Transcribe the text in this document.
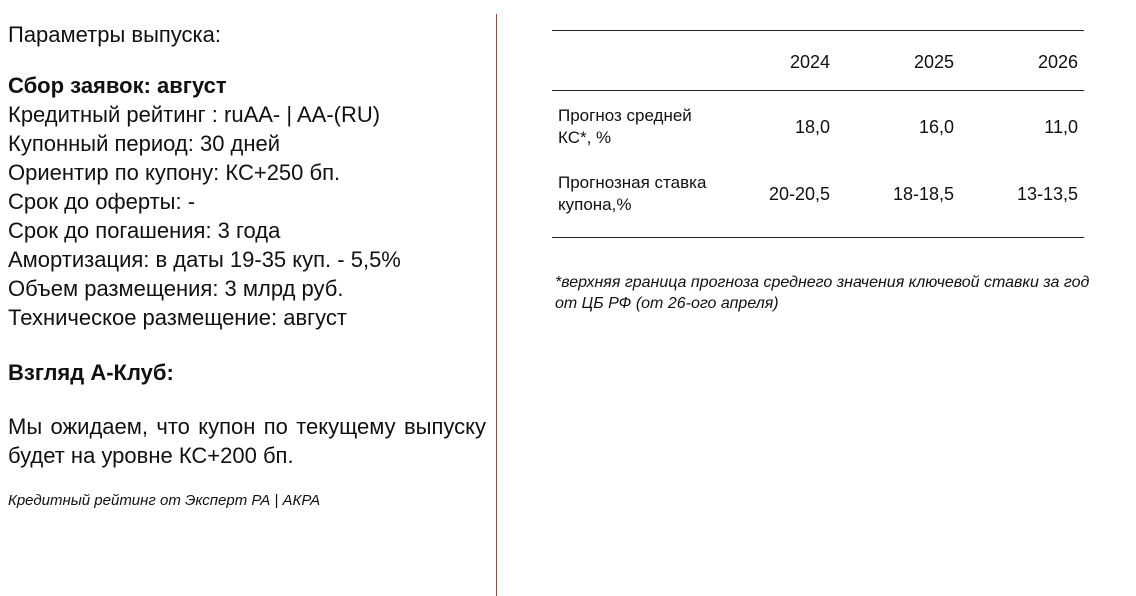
Параметры выпуска:

Сбор заявок: август

Кредитный рейтинг : ruAA- | AA-(RU)

Купонный период: 30 дней

Ориентир по купону: КС+250 бп.

Срок до оферты: -

Срок до погашения: 3 года

Амортизация: в даты 19-35 куп. - 5,5%

Объем размещения: 3 млрд руб.

Техническое размещение: август

Взгляд А-Клуб:

Мы ожидаем, что купон по текущему выпуску будет на уровне КС+200 бп.

Кредитный рейтинг от Эксперт РА | АКРА

	2024	2025	2026
Прогноз средней КС*, %	18,0	16,0	11,0
Прогнозная ставка купона,%	20-20,5	18-18,5	13-13,5
*верхняя граница прогноза среднего значения ключевой ставки за год от ЦБ РФ (от 26-ого апреля)
